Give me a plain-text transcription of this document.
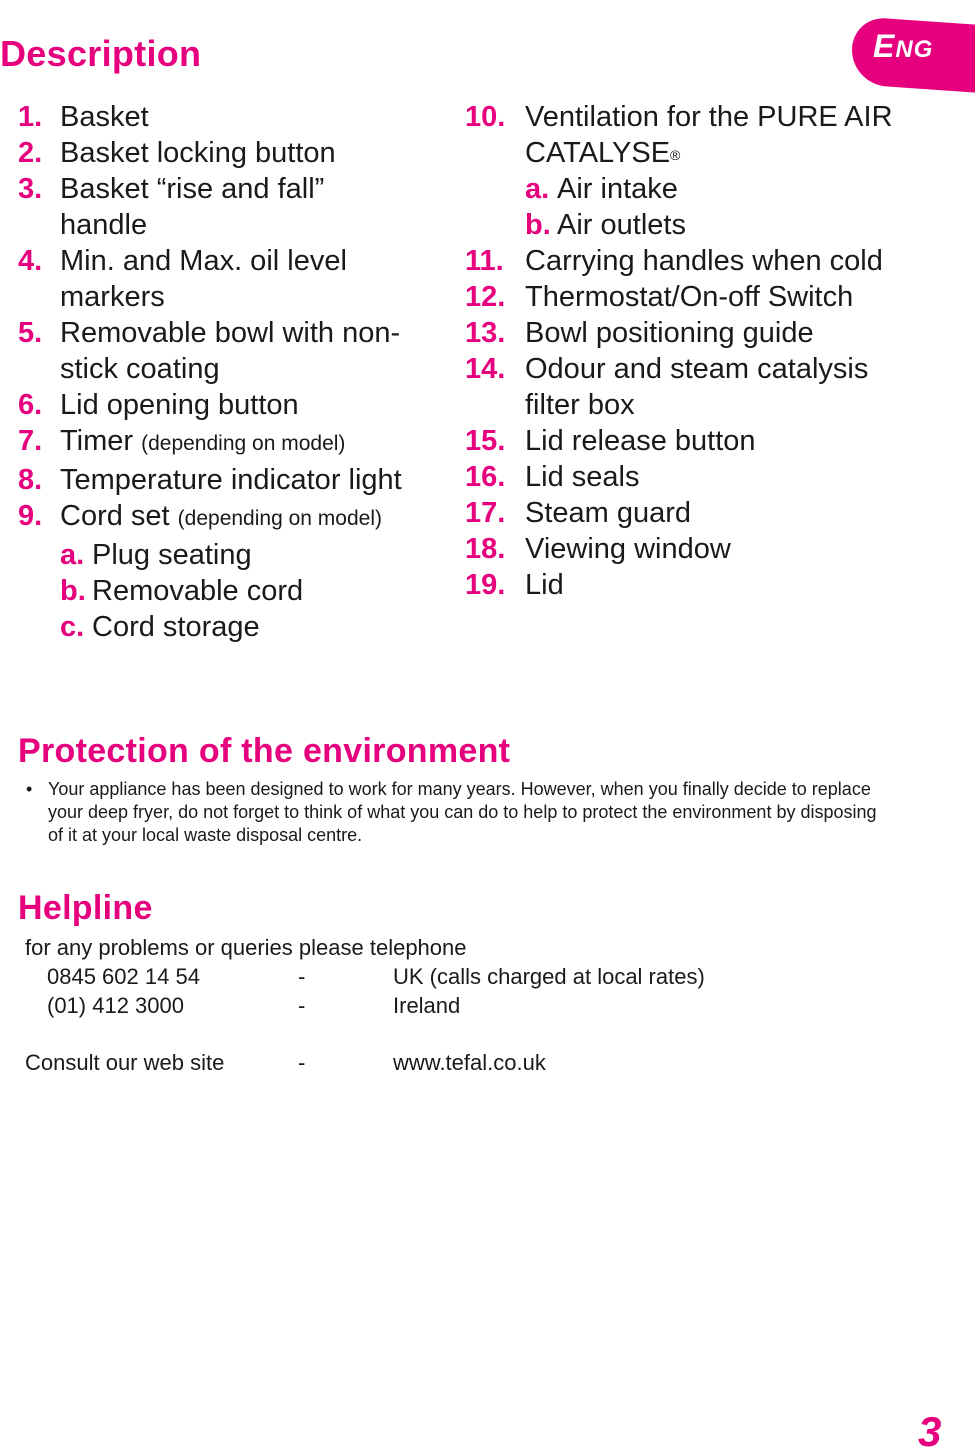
Description	ENG
1. Basket
2. Basket locking button
3. Basket “rise and fall”
handle
4. Min. and Max. oil level
markers
5. Removable bowl with non-
stick coating
6. Lid opening button
7. Timer (depending on model)
8. Temperature indicator light
9. Cord set (depending on model)
a. Plug seating
b. Removable cord
c. Cord storage
10. Ventilation for the PURE AIR
CATALYSE®
a. Air intake
b. Air outlets
11. Carrying handles when cold
12. Thermostat/On-off Switch
13. Bowl positioning guide
14. Odour and steam catalysis
filter box
15. Lid release button
16. Lid seals
17. Steam guard
18. Viewing window
19. Lid
Protection of the environment
• Your appliance has been designed to work for many years. However, when you finally decide to replace your deep fryer, do not forget to think of what you can do to help to protect the environment by disposing of it at your local waste disposal centre.
Helpline
for any problems or queries please telephone
0845 602 14 54	-	UK (calls charged at local rates)
(01) 412 3000	-	Ireland
Consult our web site	-	www.tefal.co.uk
3
